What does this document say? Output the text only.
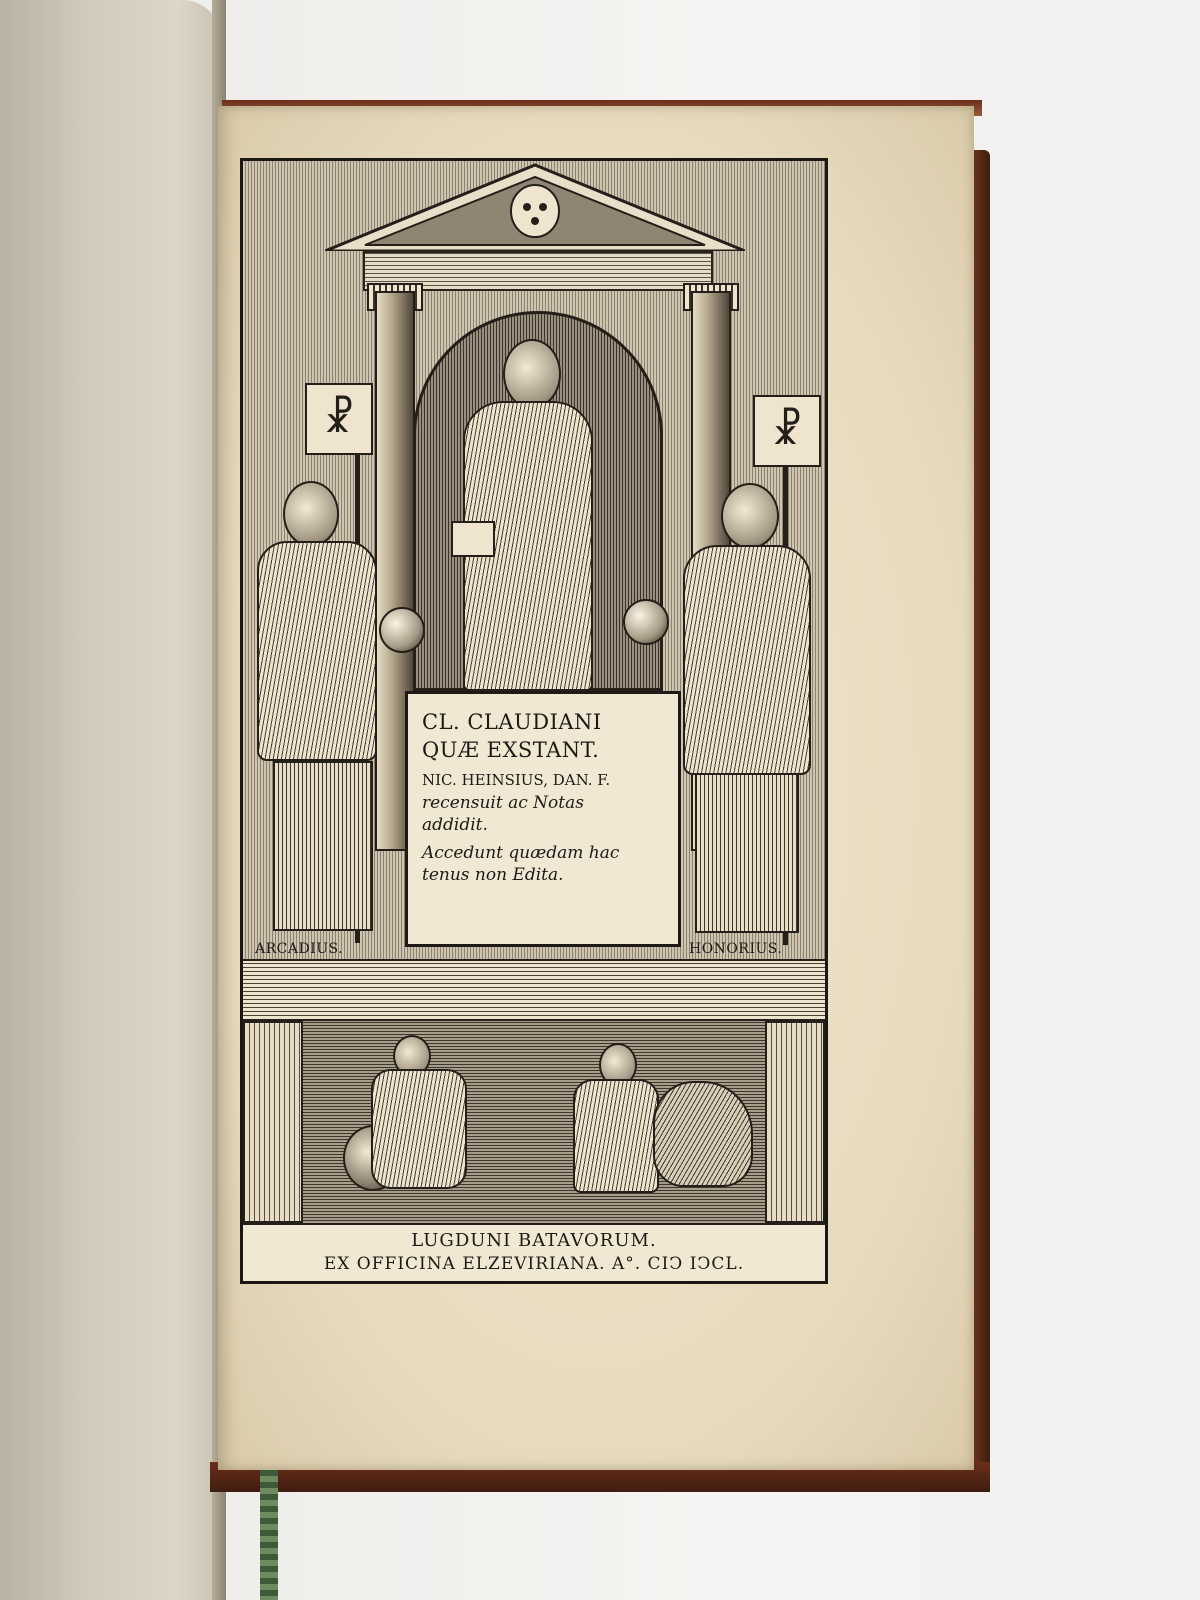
☧	☧
CL. CLAUDIANI
QUÆ EXSTANT.
NIC. HEINSIUS, DAN. F.
recensuit ac Notas
addidit.
Accedunt quædam hac
tenus non Edita.
ARCADIUS.	HONORIUS.
LUGDUNI BATAVORUM.
EX OFFICINA ELZEVIRIANA. A°. CIↃ IↃCL.
